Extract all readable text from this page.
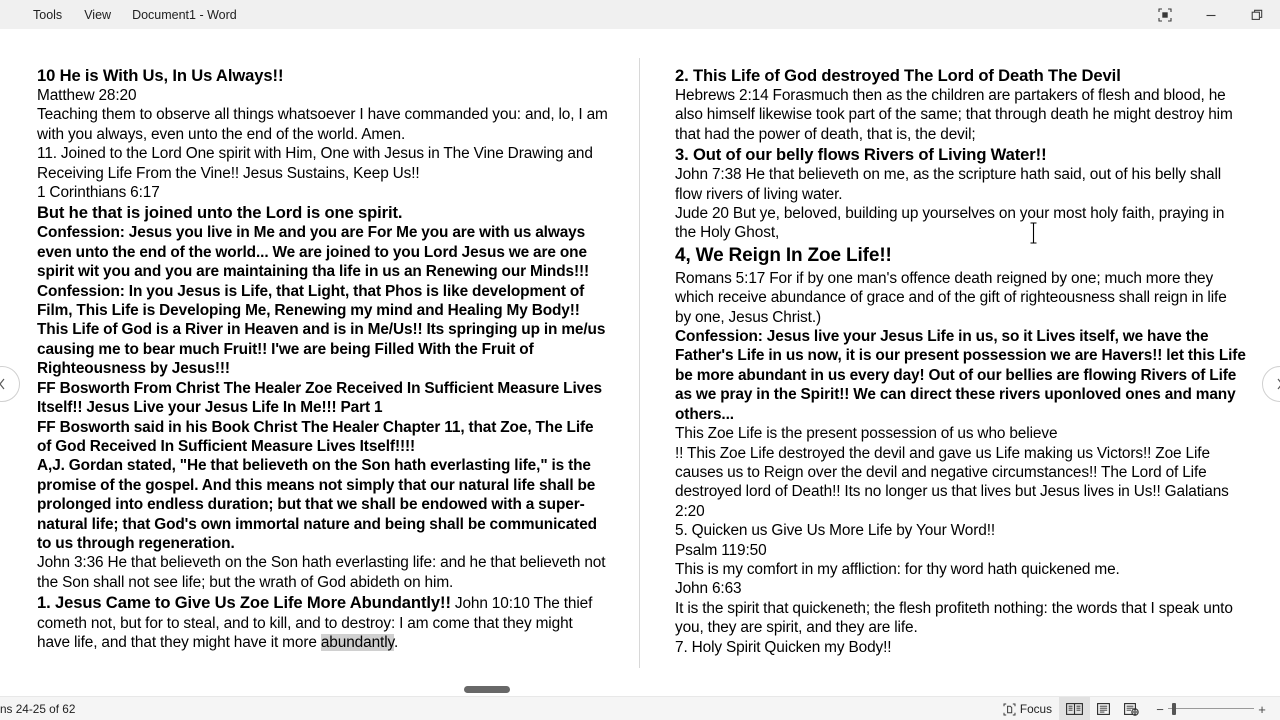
Tools	View	Document1 - Word
10 He is With Us, In Us Always!!
Matthew 28:20
Teaching them to observe all things whatsoever I have commanded you: and, lo, I am with you always, even unto the end of the world. Amen.
11. Joined to the Lord One spirit with Him, One with Jesus in The Vine Drawing and Receiving Life From the Vine!! Jesus Sustains, Keep Us!!
1 Corinthians 6:17
But he that is joined unto the Lord is one spirit.
Confession: Jesus you live in Me and you are For Me you are with us always even unto the end of the world... We are joined to you Lord Jesus we are one spirit wit you and you are maintaining tha life in us an Renewing our Minds!!!
Confession: In you Jesus is Life, that Light, that Phos is like development of Film, This Life is Developing Me, Renewing my mind and Healing My Body!!
This Life of God is a River in Heaven and is in Me/Us!! Its springing up in me/us causing me to bear much Fruit!! I'we are being Filled With the Fruit of Righteousness by Jesus!!!
FF Bosworth From Christ The Healer Zoe Received In Sufficient Measure Lives Itself!! Jesus Live your Jesus Life In Me!!! Part 1
FF Bosworth said in his Book Christ The Healer Chapter 11, that Zoe, The Life of God Received In Sufficient Measure Lives Itself!!!!
A,J. Gordan stated, "He that believeth on the Son hath everlasting life," is the promise of the gospel. And this means not simply that our natural life shall be prolonged into endless duration; but that we shall be endowed with a super-natural life; that God's own immortal nature and being shall be communicated to us through regeneration.
John 3:36 He that believeth on the Son hath everlasting life: and he that believeth not the Son shall not see life; but the wrath of God abideth on him.
1. Jesus Came to Give Us Zoe Life More Abundantly!! John 10:10 The thief cometh not, but for to steal, and to kill, and to destroy: I am come that they might have life, and that they might have it more abundantly.
2. This Life of God destroyed The Lord of Death The Devil
Hebrews 2:14 Forasmuch then as the children are partakers of flesh and blood, he also himself likewise took part of the same; that through death he might destroy him that had the power of death, that is, the devil;
3. Out of our belly flows Rivers of Living Water!!
John 7:38 He that believeth on me, as the scripture hath said, out of his belly shall flow rivers of living water.
Jude 20 But ye, beloved, building up yourselves on your most holy faith, praying in the Holy Ghost,
4, We Reign In Zoe Life!!
Romans 5:17 For if by one man's offence death reigned by one; much more they which receive abundance of grace and of the gift of righteousness shall reign in life by one, Jesus Christ.)
Confession: Jesus live your Jesus Life in us, so it Lives itself, we have the Father's Life in us now, it is our present possession we are Havers!! let this Life be more abundant in us every day! Out of our bellies are flowing Rivers of Life as we pray in the Spirit!! We can direct these rivers uponloved ones and many others...
This Zoe Life is the present possession of us who believe
!! This Zoe Life destroyed the devil and gave us Life making us Victors!! Zoe Life causes us to Reign over the devil and negative circumstances!! The Lord of Life destroyed lord of Death!! Its no longer us that lives but Jesus lives in Us!! Galatians 2:20
5. Quicken us Give Us More Life by Your Word!!
Psalm 119:50
This is my comfort in my affliction: for thy word hath quickened me.
John 6:63
It is the spirit that quickeneth; the flesh profiteth nothing: the words that I speak unto you, they are spirit, and they are life.
7. Holy Spirit Quicken my Body!!
ns 24-25 of 62	Focus	−	+
